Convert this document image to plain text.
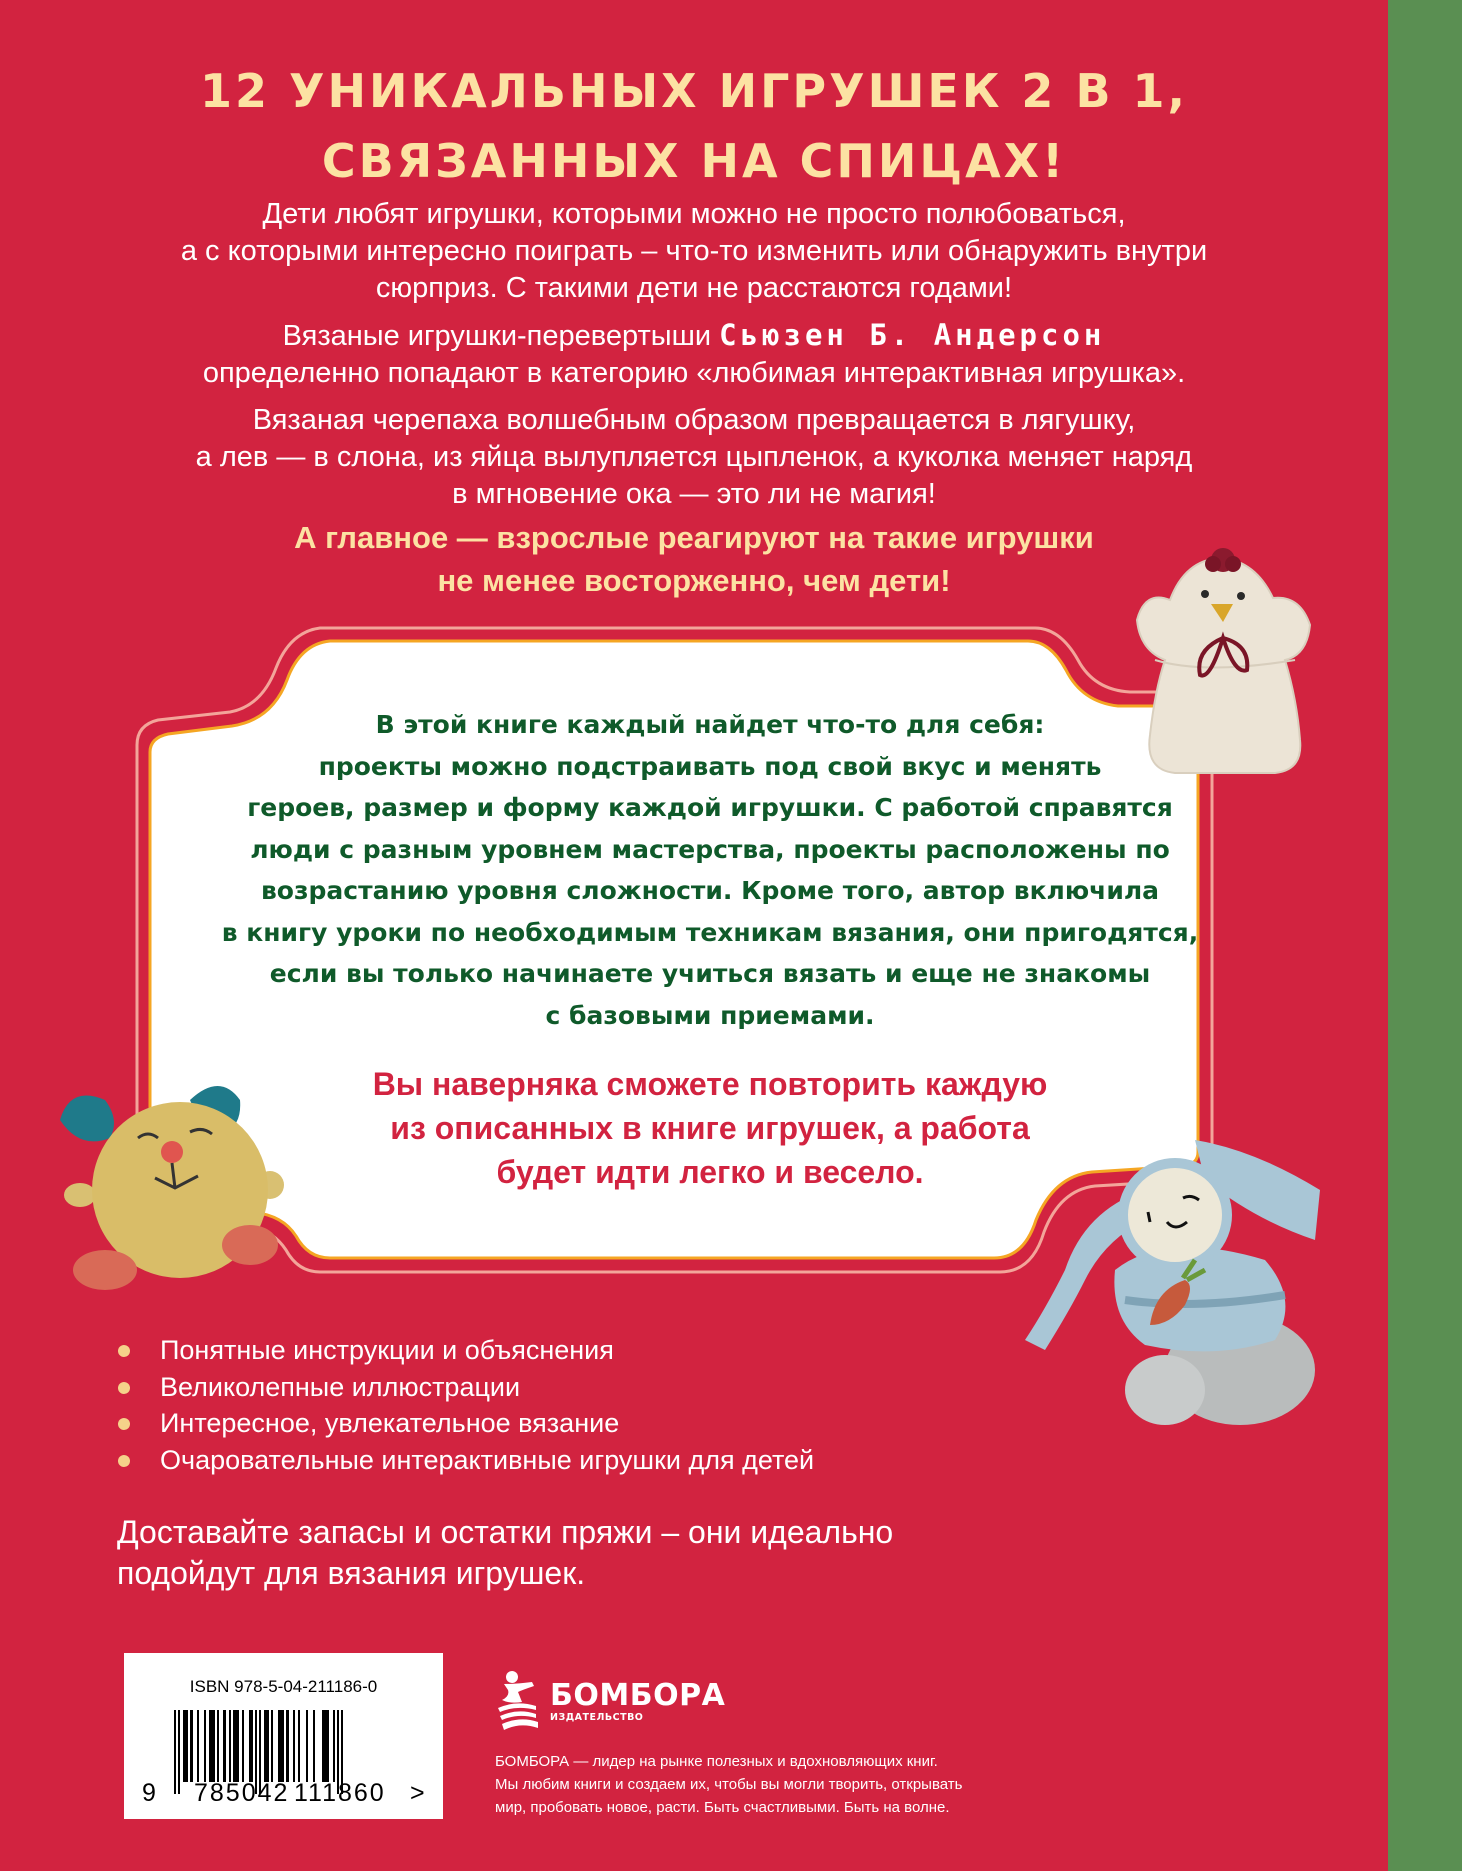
12 УНИКАЛЬНЫХ ИГРУШЕК 2 В 1,
СВЯЗАННЫХ НА СПИЦАХ!

Дети любят игрушки, которыми можно не просто полюбоваться,
а с которыми интересно поиграть – что-то изменить или обнаружить внутри
сюрприз. С такими дети не расстаются годами!

Вязаные игрушки-перевертыши Сьюзен Б. Андерсон
определенно попадают в категорию «любимая интерактивная игрушка».

Вязаная черепаха волшебным образом превращается в лягушку,
а лев — в слона, из яйца вылупляется цыпленок, а куколка меняет наряд
в мгновение ока — это ли не магия!

А главное — взрослые реагируют на такие игрушки
не менее восторженно, чем дети!
В этой книге каждый найдет что-то для себя:
проекты можно подстраивать под свой вкус и менять
героев, размер и форму каждой игрушки. С работой справятся
люди с разным уровнем мастерства, проекты расположены по
возрастанию уровня сложности. Кроме того, автор включила
в книгу уроки по необходимым техникам вязания, они пригодятся,
если вы только начинаете учиться вязать и еще не знакомы
с базовыми приемами.
Вы наверняка сможете повторить каждую
из описанных в книге игрушек, а работа
будет идти легко и весело.
Понятные инструкции и объяснения
Великолепные иллюстрации
Интересное, увлекательное вязание
Очаровательные интерактивные игрушки для детей
Доставайте запасы и остатки пряжи – они идеально
подойдут для вязания игрушек.
ISBN 978-5-04-211186-0
9 785042 111860 >
БОМБОРА
ИЗДАТЕЛЬСТВО
БОМБОРА — лидер на рынке полезных и вдохновляющих книг.
Мы любим книги и создаем их, чтобы вы могли творить, открывать
мир, пробовать новое, расти. Быть счастливыми. Быть на волне.
